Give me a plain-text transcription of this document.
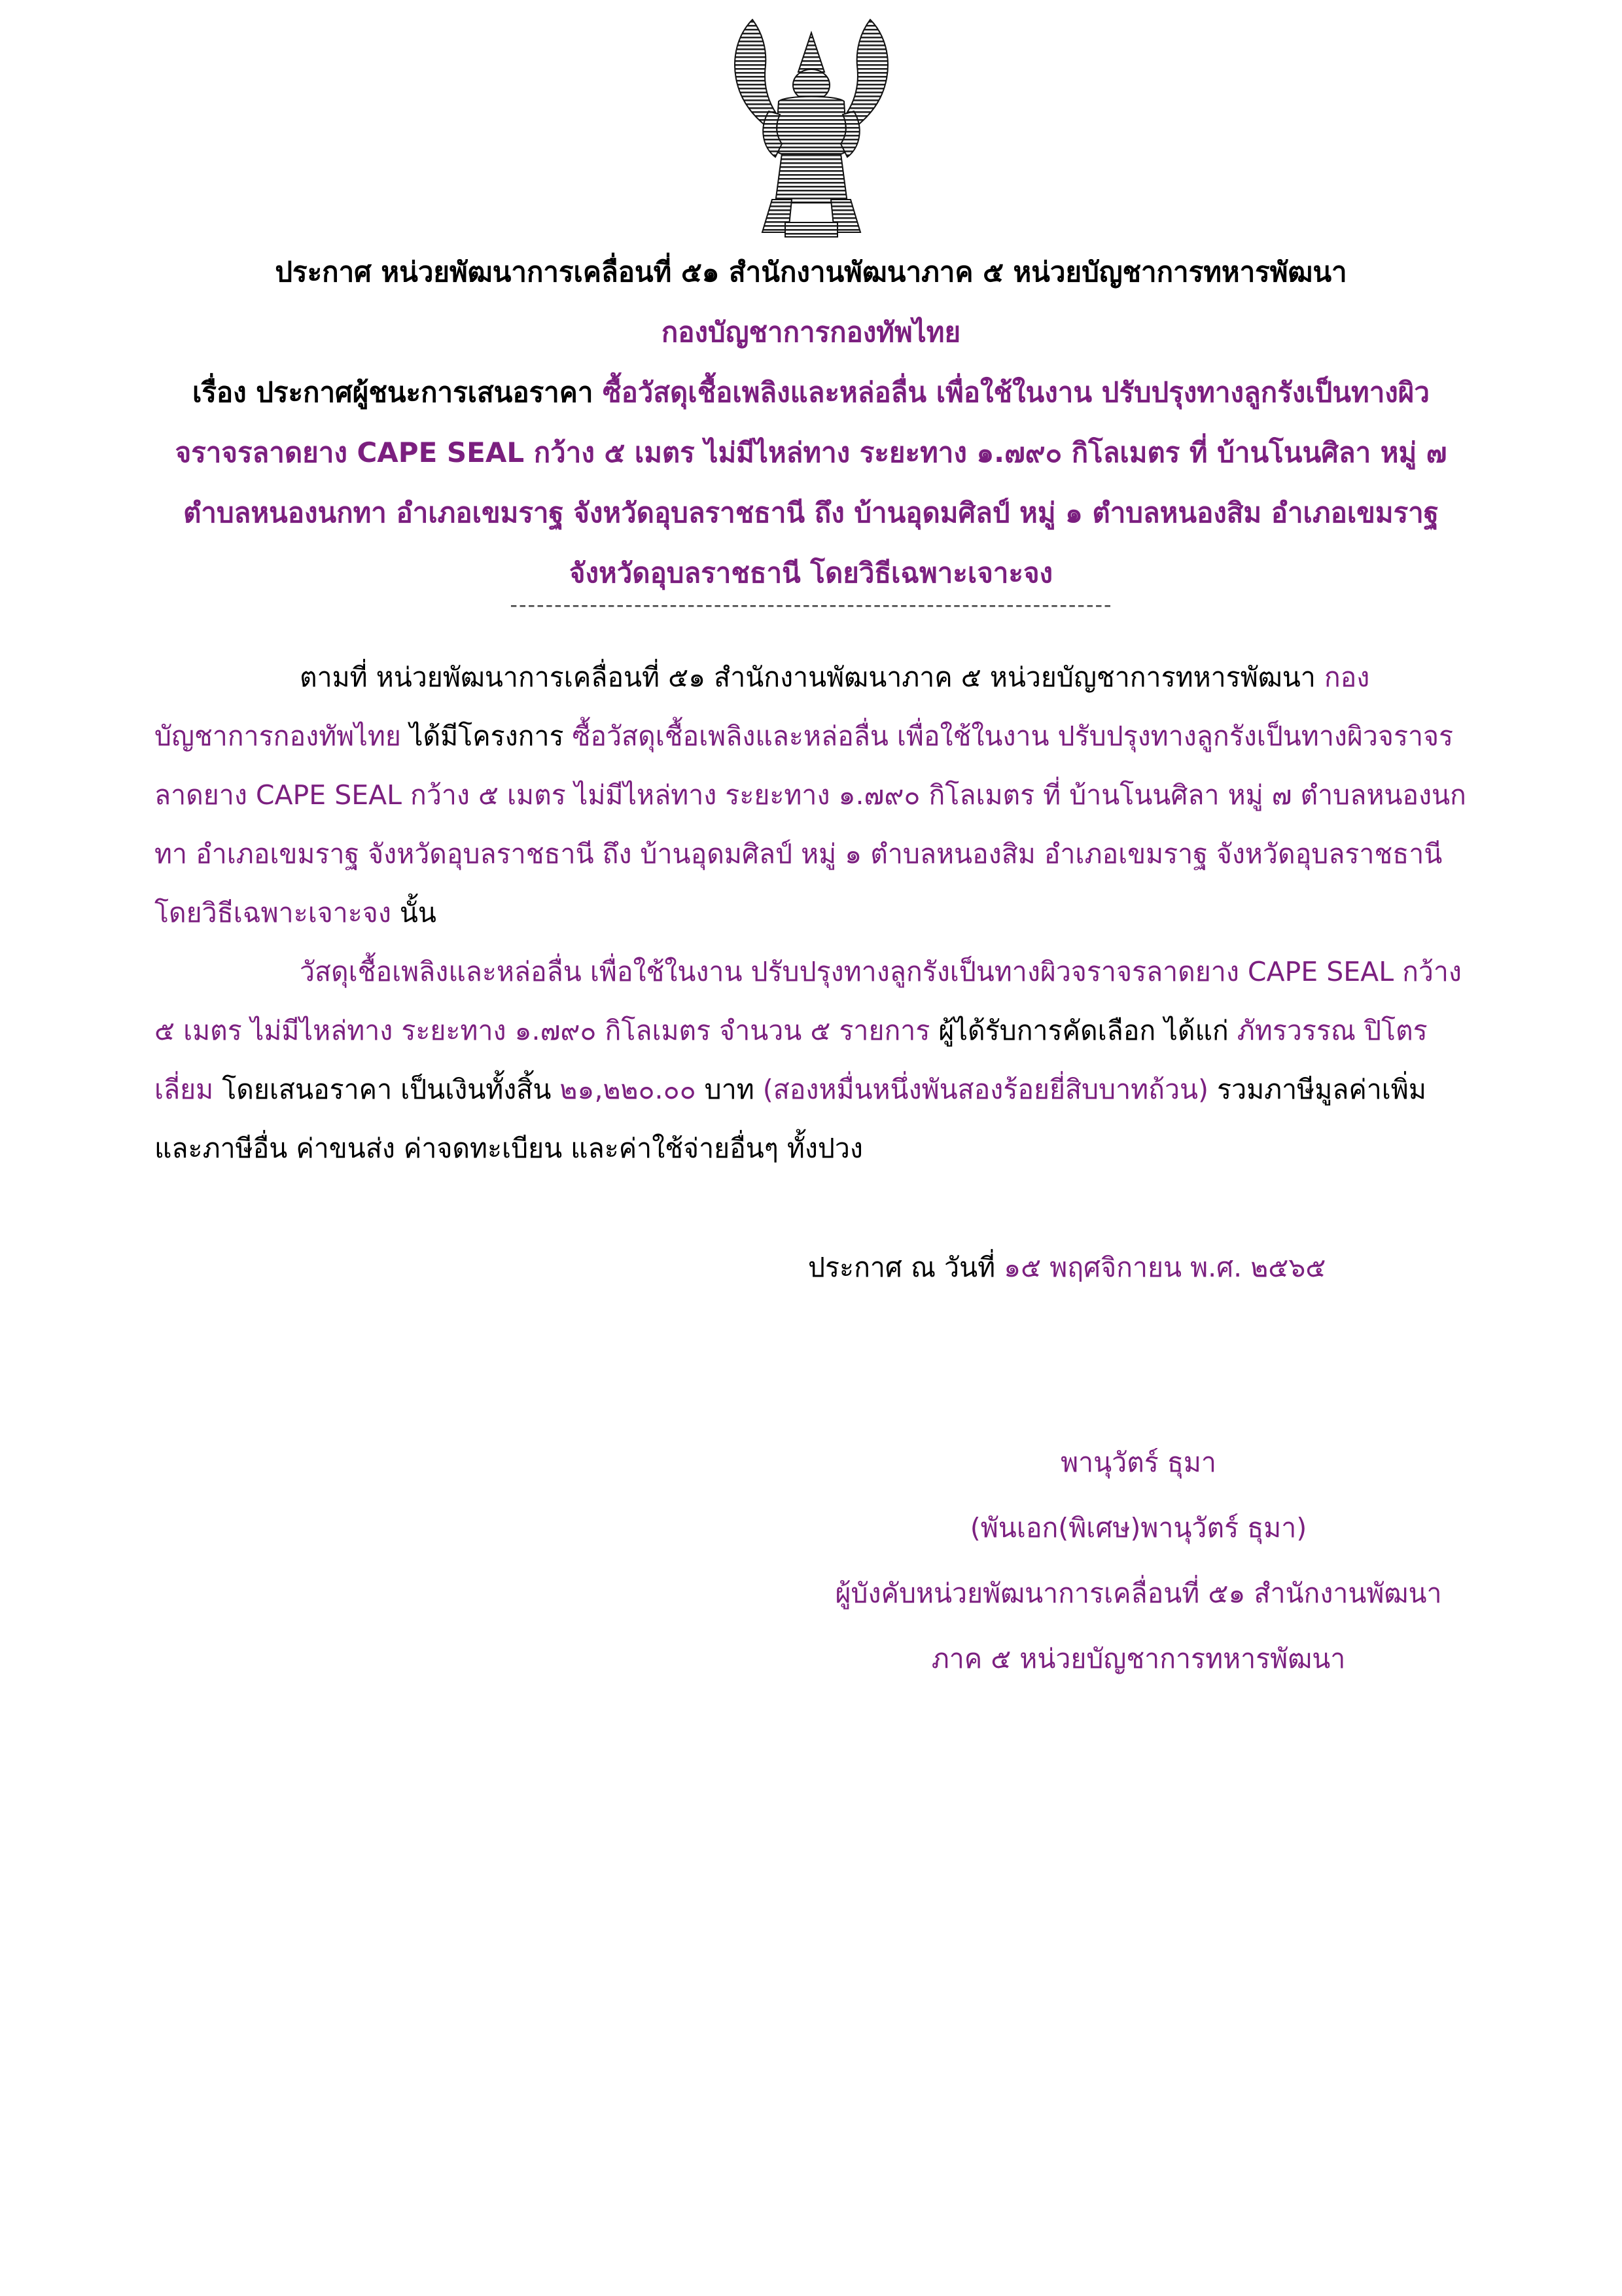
ประกาศ หน่วยพัฒนาการเคลื่อนที่ ๕๑ สำนักงานพัฒนาภาค ๕ หน่วยบัญชาการทหารพัฒนา
กองบัญชาการกองทัพไทย
เรื่อง ประกาศผู้ชนะการเสนอราคา ซื้อวัสดุเชื้อเพลิงและหล่อลื่น เพื่อใช้ในงาน ปรับปรุงทางลูกรังเป็นทางผิว
จราจรลาดยาง CAPE SEAL กว้าง ๕ เมตร ไม่มีไหล่ทาง ระยะทาง ๑.๗๙๐ กิโลเมตร ที่ บ้านโนนศิลา หมู่ ๗
ตำบลหนองนกทา อำเภอเขมราฐ จังหวัดอุบลราชธานี ถึง บ้านอุดมศิลป์ หมู่ ๑ ตำบลหนองสิม อำเภอเขมราฐ
จังหวัดอุบลราชธานี โดยวิธีเฉพาะเจาะจง
--------------------------------------------------------------------

ตามที่ หน่วยพัฒนาการเคลื่อนที่ ๕๑ สำนักงานพัฒนาภาค ๕ หน่วยบัญชาการทหารพัฒนา กองบัญชาการกองทัพไทย ได้มีโครงการ ซื้อวัสดุเชื้อเพลิงและหล่อลื่น เพื่อใช้ในงาน ปรับปรุงทางลูกรังเป็นทางผิวจราจรลาดยาง CAPE SEAL กว้าง ๕ เมตร ไม่มีไหล่ทาง ระยะทาง ๑.๗๙๐ กิโลเมตร ที่ บ้านโนนศิลา หมู่ ๗ ตำบลหนองนกทา อำเภอเขมราฐ จังหวัดอุบลราชธานี ถึง บ้านอุดมศิลป์ หมู่ ๑ ตำบลหนองสิม อำเภอเขมราฐ จังหวัดอุบลราชธานี โดยวิธีเฉพาะเจาะจง นั้น

วัสดุเชื้อเพลิงและหล่อลื่น เพื่อใช้ในงาน ปรับปรุงทางลูกรังเป็นทางผิวจราจรลาดยาง CAPE SEAL กว้าง ๕ เมตร ไม่มีไหล่ทาง ระยะทาง ๑.๗๙๐ กิโลเมตร จำนวน ๕ รายการ ผู้ได้รับการคัดเลือก ได้แก่ ภัทรวรรณ ปิโตรเลี่ยม โดยเสนอราคา เป็นเงินทั้งสิ้น ๒๑,๒๒๐.๐๐ บาท (สองหมื่นหนึ่งพันสองร้อยยี่สิบบาทถ้วน) รวมภาษีมูลค่าเพิ่มและภาษีอื่น ค่าขนส่ง ค่าจดทะเบียน และค่าใช้จ่ายอื่นๆ ทั้งปวง

ประกาศ ณ วันที่ ๑๕ พฤศจิกายน พ.ศ. ๒๕๖๕
พานุวัตร์ ธุมา
(พันเอก(พิเศษ)พานุวัตร์ ธุมา)
ผู้บังคับหน่วยพัฒนาการเคลื่อนที่ ๕๑ สำนักงานพัฒนา
ภาค ๕ หน่วยบัญชาการทหารพัฒนา
